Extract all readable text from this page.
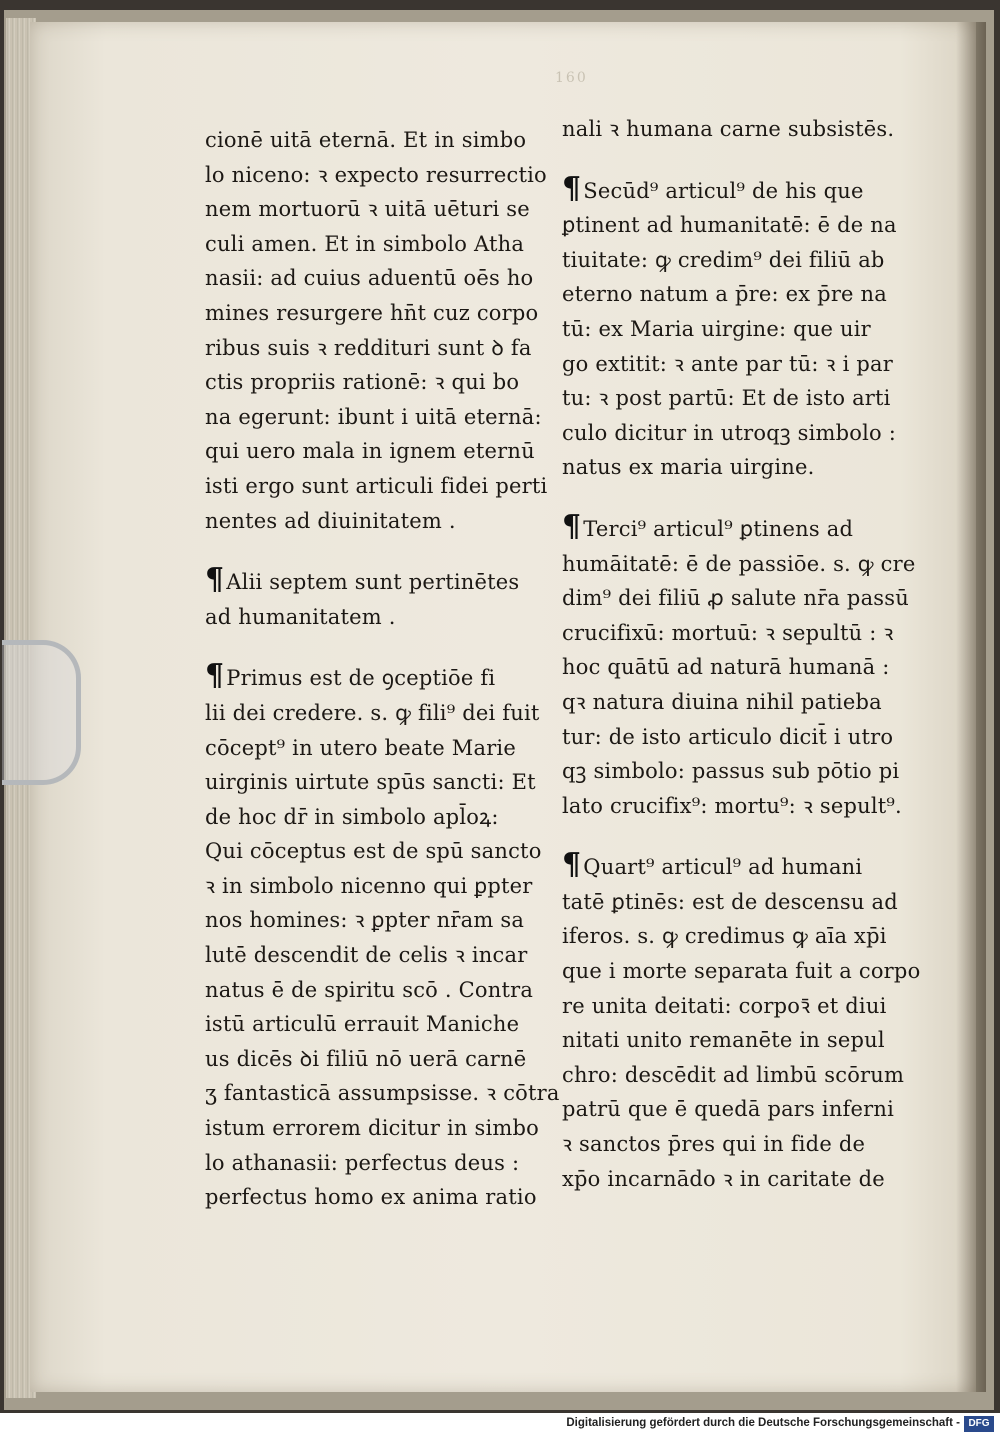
160
cionē uitā eternā. Et in simbo
lo niceno: ꝛ expecto resurrectio
nem mortuorū ꝛ uitā uēturi se
culi amen. Et in simbolo Atha
nasii: ad cuius aduentū oēs ho
mines resurgere hn̄t cuz corpo
ribus suis ꝛ reddituri sunt ꝺ fa
ctis propriis rationē: ꝛ qui bo
na egerunt: ibunt i uitā eternā:
qui uero mala in ignem eternū
isti ergo sunt articuli fidei perti
nentes ad diuinitatem .
¶Alii septem sunt pertinētes
ad humanitatem .
¶Primus est de ꝯceptiōe fi
lii dei credere. s. ꝙ fili⁹ dei fuit
cōcept⁹ in utero beate Marie
uirginis uirtute spūs sancti: Et
de hoc dr̄ in simbolo apl̄oꝝ:
Qui cōceptus est de spū sancto
ꝛ in simbolo nicenno qui ꝑpter
nos homines: ꝛ ꝑpter nr̄am sa
lutē descendit de celis ꝛ incar
natus ē de spiritu scō . Contra
istū articulū errauit Maniche
us dicēs ꝺi filiū nō uerā carnē
ʒ fantasticā assumpsisse. ꝛ cōtra
istum errorem dicitur in simbo
lo athanasii: perfectus deus :
perfectus homo ex anima ratio
nali ꝛ humana carne subsistēs.
¶Secūd⁹ articul⁹ de his que
ꝑtinent ad humanitatē: ē de na
tiuitate: ꝙ credim⁹ dei filiū ab
eterno natum a p̄re: ex p̄re na
tū: ex Maria uirgine: que uir
go extitit: ꝛ ante par tū: ꝛ i par
tu: ꝛ post partū: Et de isto arti
culo dicitur in utroqꝫ simbolo :
natus ex maria uirgine.
¶Terci⁹ articul⁹ ꝑtinens ad
humāitatē: ē de passiōe. s. ꝙ cre
dim⁹ dei filiū ꝓ salute nr̄a passū
crucifixū: mortuū: ꝛ sepultū : ꝛ
hoc quātū ad naturā humanā :
qꝛ natura diuina nihil patieba
tur: de isto articulo dicit̄ i utro
qꝫ simbolo: passus sub pōtio pi
lato crucifix⁹: mortu⁹: ꝛ sepult⁹.
¶Quart⁹ articul⁹ ad humani
tatē ꝑtinēs: est de descensu ad
iferos. s. ꝙ credimus ꝙ aīa xp̄i
que i morte separata fuit a corpo
re unita deitati: corpoꝛ̄ et diui
nitati unito remanēte in sepul
chro: descēdit ad limbū scōrum
patrū que ē quedā pars inferni
ꝛ sanctos p̄res qui in fide de
xp̄o incarnādo ꝛ in caritate de
Digitalisierung gefördert durch die Deutsche Forschungsgemeinschaft - DFG
